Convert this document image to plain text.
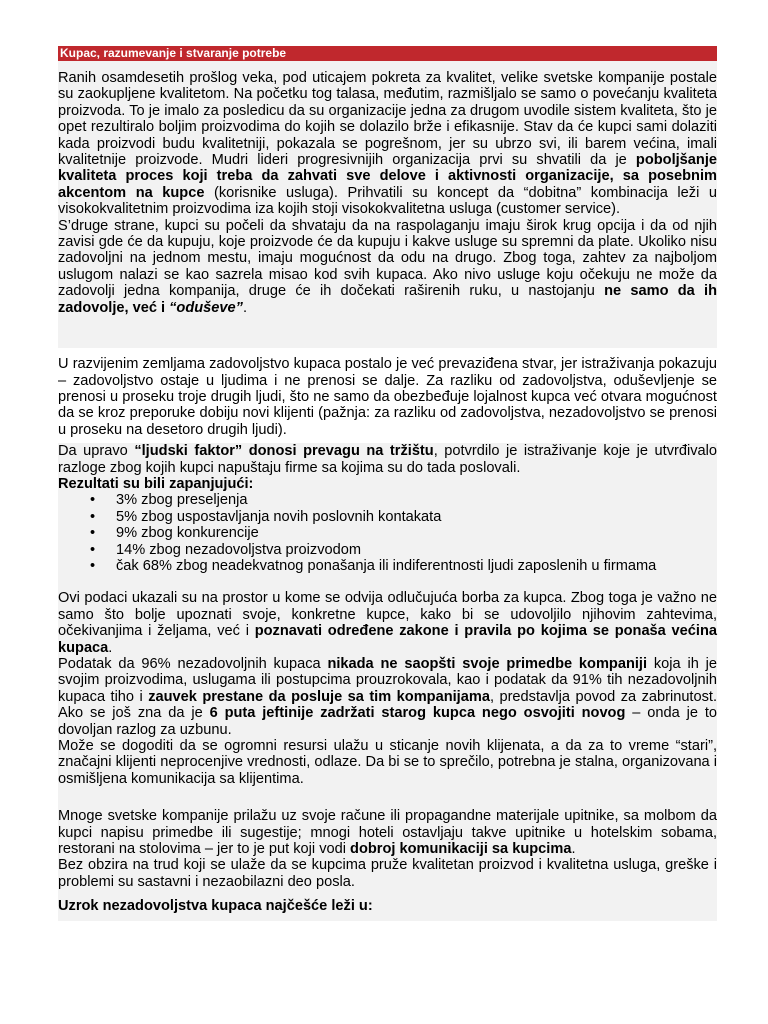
Kupac, razumevanje i stvaranje potrebe

Ranih osamdesetih prošlog veka, pod uticajem pokreta za kvalitet, velike svetske kompanije postale su zaokupljene kvalitetom. Na početku tog talasa, međutim, razmišljalo se samo o povećanju kvaliteta proizvoda. To je imalo za posledicu da su organizacije jedna za drugom uvodile sistem kvaliteta, što je opet rezultiralo boljim proizvodima do kojih se dolazilo brže i efikasnije. Stav da će kupci sami dolaziti kada proizvodi budu kvalitetniji, pokazala se pogrešnom, jer su ubrzo svi, ili barem većina, imali kvalitetnije proizvode. Mudri lideri progresivnijih organizacija prvi su shvatili da je poboljšanje kvaliteta proces koji treba da zahvati sve delove i aktivnosti organizacije, sa posebnim akcentom na kupce (korisnike usluga). Prihvatili su koncept da “dobitna” kombinacija leži u visokokvalitetnim proizvodima iza kojih stoji visokokvalitetna usluga (customer service).

S’druge strane, kupci su počeli da shvataju da na raspolaganju imaju širok krug opcija i da od njih zavisi gde će da kupuju, koje proizvode će da kupuju i kakve usluge su spremni da plate. Ukoliko nisu zadovoljni na jednom mestu, imaju mogućnost da odu na drugo. Zbog toga, zahtev za najboljom uslugom nalazi se kao sazrela misao kod svih kupaca. Ako nivo usluge koju očekuju ne može da zadovolji jedna kompanija, druge će ih dočekati raširenih ruku, u nastojanju ne samo da ih zadovolje, već i “oduševe”.

U razvijenim zemljama zadovoljstvo kupaca postalo je već prevaziđena stvar, jer istraživanja pokazuju – zadovoljstvo ostaje u ljudima i ne prenosi se dalje. Za razliku od zadovoljstva, oduševljenje se prenosi u proseku troje drugih ljudi, što ne samo da obezbeđuje lojalnost kupca već otvara mogućnost da se kroz preporuke dobiju novi klijenti (pažnja: za razliku od zadovoljstva, nezadovoljstvo se prenosi u proseku na desetoro drugih ljudi).

Da upravo “ljudski faktor” donosi prevagu na tržištu, potvrdilo je istraživanje koje je utvrđivalo razloge zbog kojih kupci napuštaju firme sa kojima su do tada poslovali.

Rezultati su bili zapanjujući:

• 3% zbog preseljenja
• 5% zbog uspostavljanja novih poslovnih kontakata
• 9% zbog konkurencije
• 14% zbog nezadovoljstva proizvodom
• čak 68% zbog neadekvatnog ponašanja ili indiferentnosti ljudi zaposlenih u firmama

Ovi podaci ukazali su na prostor u kome se odvija odlučujuća borba za kupca. Zbog toga je važno ne samo što bolje upoznati svoje, konkretne kupce, kako bi se udovoljilo njihovim zahtevima, očekivanjima i željama, već i poznavati određene zakone i pravila po kojima se ponaša većina kupaca.

Podatak da 96% nezadovoljnih kupaca nikada ne saopšti svoje primedbe kompaniji koja ih je svojim proizvodima, uslugama ili postupcima prouzrokovala, kao i podatak da 91% tih nezadovoljnih kupaca tiho i zauvek prestane da posluje sa tim kompanijama, predstavlja povod za zabrinutost. Ako se još zna da je 6 puta jeftinije zadržati starog kupca nego osvojiti novog – onda je to dovoljan razlog za uzbunu.

Može se dogoditi da se ogromni resursi ulažu u sticanje novih klijenata, a da za to vreme “stari”, značajni klijenti neprocenjive vrednosti, odlaze. Da bi se to sprečilo, potrebna je stalna, organizovana i osmišljena komunikacija sa klijentima.

Mnoge svetske kompanije prilažu uz svoje račune ili propagandne materijale upitnike, sa molbom da kupci napisu primedbe ili sugestije; mnogi hoteli ostavljaju takve upitnike u hotelskim sobama, restorani na stolovima – jer to je put koji vodi dobroj komunikaciji sa kupcima.

Bez obzira na trud koji se ulaže da se kupcima pruže kvalitetan proizvod i kvalitetna usluga, greške i problemi su sastavni i nezaobilazni deo posla.

Uzrok nezadovoljstva kupaca najčešće leži u:
